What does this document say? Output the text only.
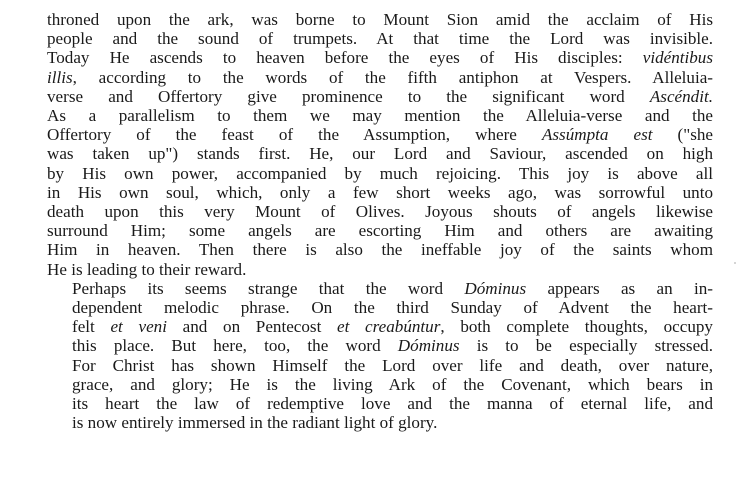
throned upon the ark, was borne to Mount Sion amid the acclaim of His
people and the sound of trumpets. At that time the Lord was invisible.
Today He ascends to heaven before the eyes of His disciples: vidéntibus
illis, according to the words of the fifth antiphon at Vespers. Alleluia-
verse and Offertory give prominence to the significant word Ascéndit.
As a parallelism to them we may mention the Alleluia-verse and the
Offertory of the feast of the Assumption, where Assúmpta est ("she
was taken up") stands first. He, our Lord and Saviour, ascended on high
by His own power, accompanied by much rejoicing. This joy is above all
in His own soul, which, only a few short weeks ago, was sorrowful unto
death upon this very Mount of Olives. Joyous shouts of angels likewise
surround Him; some angels are escorting Him and others are awaiting
Him in heaven. Then there is also the ineffable joy of the saints whom
He is leading to their reward.

Perhaps its seems strange that the word Dóminus appears as an in-
dependent melodic phrase. On the third Sunday of Advent the heart-
felt et veni and on Pentecost et creabúntur, both complete thoughts, occupy
this place. But here, too, the word Dóminus is to be especially stressed.
For Christ has shown Himself the Lord over life and death, over nature,
grace, and glory; He is the living Ark of the Covenant, which bears in
its heart the law of redemptive love and the manna of eternal life, and
is now entirely immersed in the radiant light of glory.
